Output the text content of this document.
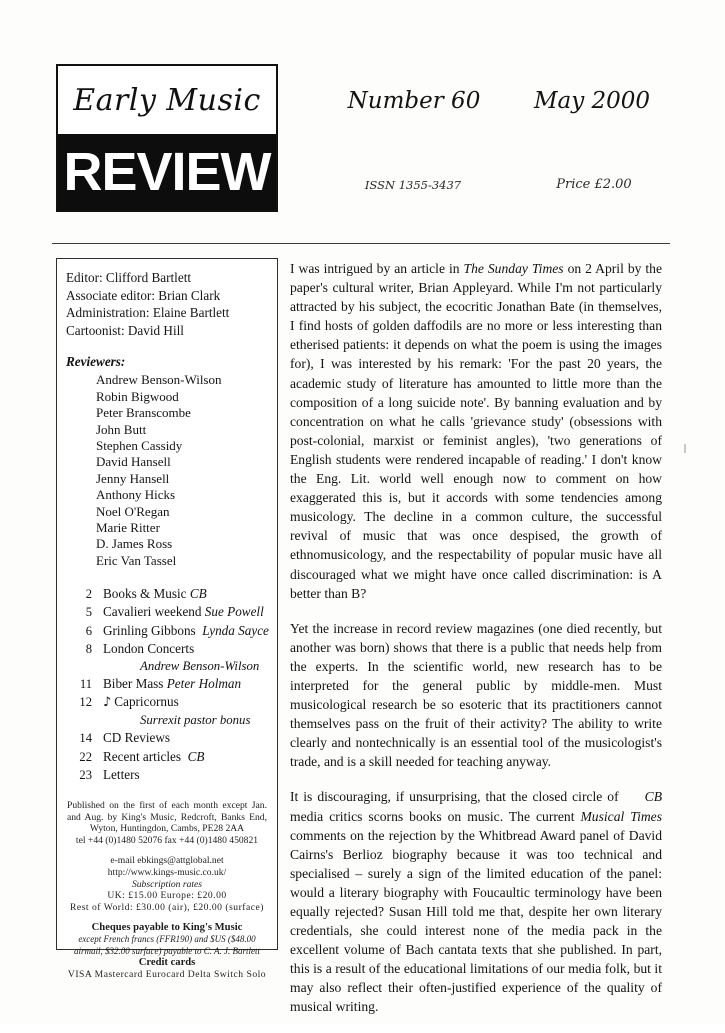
Early Music
REVIEW
Number 60	May 2000
ISSN 1355-3437	Price £2.00
Editor: Clifford Bartlett
Associate editor: Brian Clark
Administration: Elaine Bartlett
Cartoonist: David Hill
Reviewers:
Andrew Benson-Wilson
Robin Bigwood
Peter Branscombe
John Butt
Stephen Cassidy
David Hansell
Jenny Hansell
Anthony Hicks
Noel O'Regan
Marie Ritter
D. James Ross
Eric Van Tassel
2 Books & Music CB
5 Cavalieri weekend Sue Powell
6 Grinling Gibbons Lynda Sayce
8 London Concerts
Andrew Benson-Wilson
11 Biber Mass Peter Holman
12 ♪ Capricornus
Surrexit pastor bonus
14 CD Reviews
22 Recent articles CB
23 Letters
Published on the first of each month except Jan. and Aug. by King's Music, Redcroft, Banks End, Wyton, Huntingdon, Cambs, PE28 2AA
tel +44 (0)1480 52076 fax +44 (0)1480 450821
e-mail ebkings@attglobal.net
http://www.kings-music.co.uk/
Subscription rates
UK: £15.00 Europe: £20.00
Rest of World: £30.00 (air), £20.00 (surface)
Cheques payable to King's Music
except French francs (FFR190) and $US ($48.00
airmail, $32.00 surface) payable to C. A. J. Bartlett
Credit cards
VISA Mastercard Eurocard Delta Switch Solo

I was intrigued by an article in The Sunday Times on 2 April by the paper's cultural writer, Brian Appleyard. While I'm not particularly attracted by his subject, the ecocritic Jonathan Bate (in themselves, I find hosts of golden daffodils are no more or less interesting than etherised patients: it depends on what the poem is using the images for), I was interested by his remark: 'For the past 20 years, the academic study of literature has amounted to little more than the composition of a long suicide note'. By banning evaluation and by concentration on what he calls 'grievance study' (obsessions with post-colonial, marxist or feminist angles), 'two generations of English students were rendered incapable of reading.' I don't know the Eng. Lit. world well enough now to comment on how exaggerated this is, but it accords with some tendencies among musicology. The decline in a common culture, the successful revival of music that was once despised, the growth of ethnomusicology, and the respectability of popular music have all discouraged what we might have once called discrimination: is A better than B?

Yet the increase in record review magazines (one died recently, but another was born) shows that there is a public that needs help from the experts. In the scientific world, new research has to be interpreted for the general public by middle-men. Must musicological research be so esoteric that its practitioners cannot themselves pass on the fruit of their activity? The ability to write clearly and nontechnically is an essential tool of the musicologist's trade, and is a skill needed for teaching anyway.

CB
It is discouraging, if unsurprising, that the closed circle of media critics scorns books on music. The current Musical Times comments on the rejection by the Whitbread Award panel of David Cairns's Berlioz biography because it was too technical and specialised – surely a sign of the limited education of the panel: would a literary biography with Foucaultic terminology have been equally rejected? Susan Hill told me that, despite her own literary credentials, she could interest none of the media pack in the excellent volume of Bach cantata texts that she published. In part, this is a result of the educational limitations of our media folk, but it may also reflect their often-justified experience of the quality of musical writing.
